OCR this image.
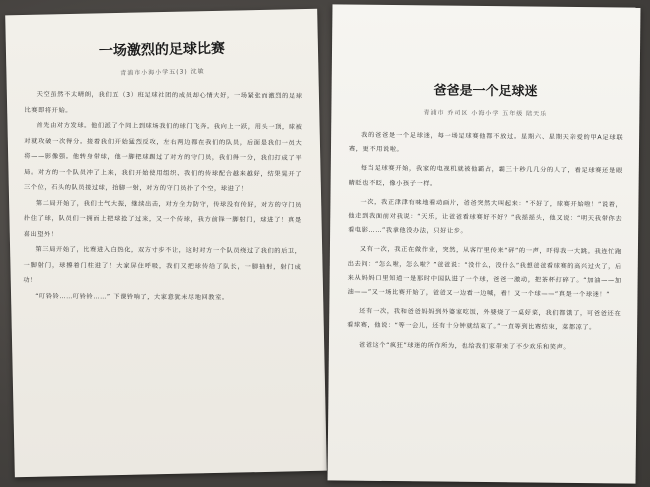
一场激烈的足球比赛
青浦市小海小学五(3) 沈敏

天空虽然不太晴朗，我们五（3）班足球社团的成员却心情大好，一场紧张而激烈的足球比赛即将开始。

首先由对方发球。他们派了个同上到球场我们的球门飞奔。我向上一跃，用头一顶，球被对就攻破一次得分。接着我们开始猛烈反攻，左右两边都在我们的队员，后面是我们一员大将——影像强。他转身带球，他一脚把球踢过了对方的守门员，我们得一分，我们打成了平局。对方的一个队员冲了上来，我们开始使用组织、我们的传球配合越来越好，结果晃开了三个位，石头的队员接过球，抬脚一射，对方的守门员扑了个空，球进了！

第二局开始了，我们士气大振，继续出击，对方全力防守，传球没有传好，对方的守门员扑住了球，队员们一拥而上把球抢了过来，又一个传球，我方前锋一脚射门，球进了！真是喜出望外！

第三局开始了，比赛进入白热化，双方寸步不让，这时对方一个队员绕过了我们的后卫，一脚射门，球擦着门柱进了！大家屏住呼吸，我们又把球传给了队长，一脚抽射，射门成功！

“叮铃铃……叮铃铃……” 下课铃响了，大家意犹未尽地回教室。

爸爸是一个足球迷
青浦市 乔司区 小海小学 五年级 陆天乐

我的爸爸是一个足球迷，每一场足球赛他都不放过。星期六、星期天亲爱的甲A足球联赛，更不用说啦。

每当足球赛开始，我家的电视机就被他霸占，霸三十秒几几分的人了，看足球赛还是眼睛眨也不眨，像小孩子一样。

一次，我正津津有味地看动画片，爸爸突然大叫起来：“不好了，球赛开始啦！”说着，他走到我面前对我说：“天乐，让爸爸看球赛好不好？”我摇摇头，他又说：“明天我带你去看电影……”我拿他没办法，只好让步。

又有一次，我正在做作业，突然，从客厅里传来“砰”的一声，吓得我一大跳。我连忙跑出去问：“怎么啦，怎么啦？”爸爸说：“没什么，没什么”我想爸爸看球赛的高兴过火了，后来从妈妈口里知道一是那时中国队进了一个球，爸爸一激动，把茶杯打碎了。“加油——加油——”又一场比赛开始了，爸爸又一边看一边喊，看！又一个球——“真是一个球迷！”

还有一次，我和爸爸妈妈到外婆家吃饭，外婆烧了一桌好菜，我们都饿了，可爸爸还在看球赛，他说：“等一会儿，还有十分钟就结束了。”一直等到比赛结束，菜都凉了。

爸爸这个“疯狂”球迷的所作所为，也给我们家带来了不少欢乐和笑声。
